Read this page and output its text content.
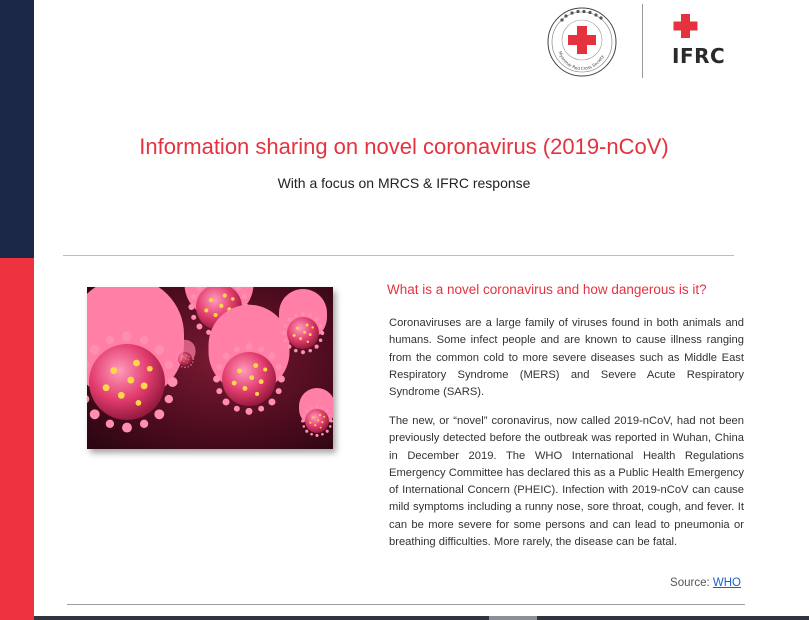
Myanmar Red Cross Society	IFRC
Information sharing on novel coronavirus (2019-nCoV)
With a focus on MRCS & IFRC response
What is a novel coronavirus and how dangerous is it?

Coronaviruses are a large family of viruses found in both animals and humans. Some infect people and are known to cause illness ranging from the common cold to more severe diseases such as Middle East Respiratory Syndrome (MERS) and Severe Acute Respiratory Syndrome (SARS).

The new, or “novel” coronavirus, now called 2019-nCoV, had not been previously detected before the outbreak was reported in Wuhan, China in December 2019. The WHO International Health Regulations Emergency Committee has declared this as a Public Health Emergency of International Concern (PHEIC). Infection with 2019-nCoV can cause mild symptoms including a runny nose, sore throat, cough, and fever. It can be more severe for some persons and can lead to pneumonia or breathing difficulties. More rarely, the disease can be fatal.

Source: WHO
